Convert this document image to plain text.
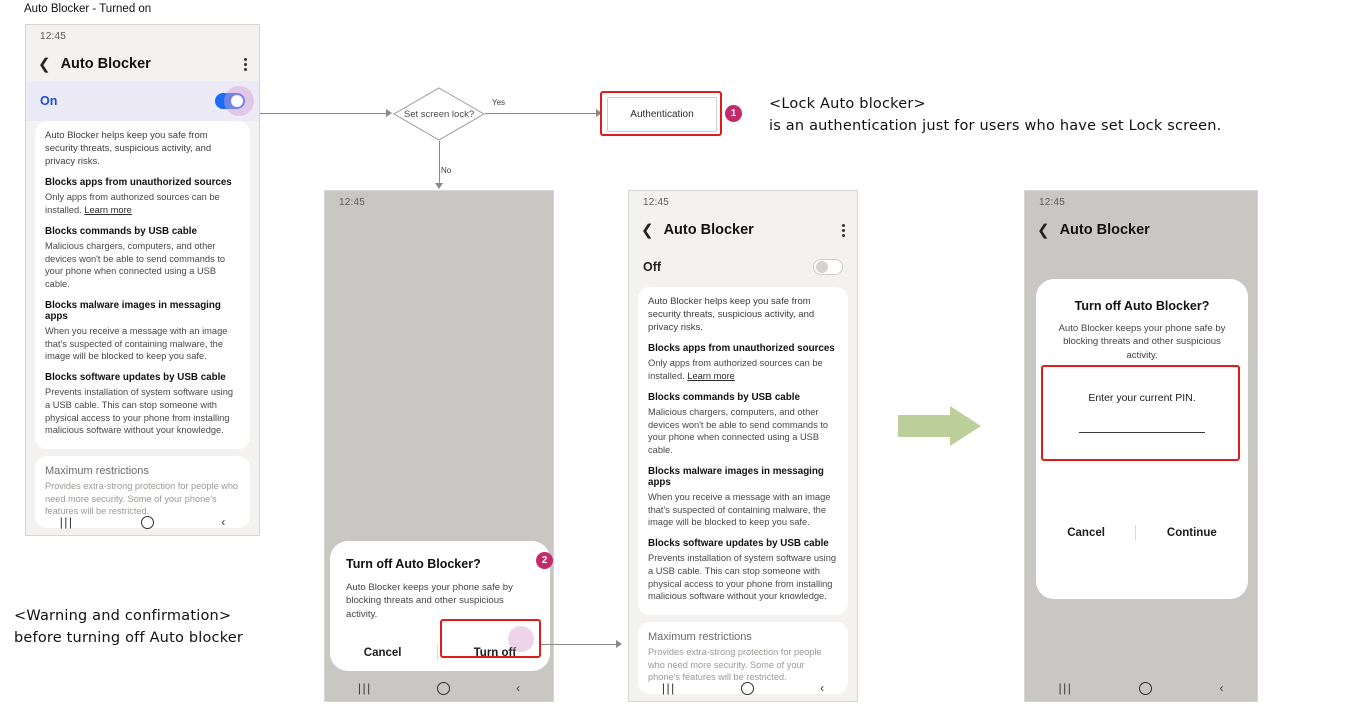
Auto Blocker - Turned on
12:45
❮ Auto Blocker
On
Auto Blocker helps keep you safe from security threats, suspicious activity, and privacy risks.
Blocks apps from unauthorized sources
Only apps from authorized sources can be installed. Learn more
Blocks commands by USB cable
Malicious chargers, computers, and other devices won't be able to send commands to your phone when connected using a USB cable.
Blocks malware images in messaging apps
When you receive a message with an image that's suspected of containing malware, the image will be blocked to keep you safe.
Blocks software updates by USB cable
Prevents installation of system software using a USB cable. This can stop someone with physical access to your phone from installing malicious software without your knowledge.
Maximum restrictions
Provides extra-strong protection for people who need more security. Some of your phone's features will be restricted.
|||	‹
Set screen lock?
Yes
No
Authentication	1
<Lock Auto blocker>
is an authentication just for users who have set Lock screen.
12:45
Turn off Auto Blocker?
Auto Blocker keeps your phone safe by blocking threats and other suspicious activity.
Cancel	Turn off
|||	‹
2
12:45
❮ Auto Blocker
Off
Auto Blocker helps keep you safe from security threats, suspicious activity, and privacy risks.
Blocks apps from unauthorized sources
Only apps from authorized sources can be installed. Learn more
Blocks commands by USB cable
Malicious chargers, computers, and other devices won't be able to send commands to your phone when connected using a USB cable.
Blocks malware images in messaging apps
When you receive a message with an image that's suspected of containing malware, the image will be blocked to keep you safe.
Blocks software updates by USB cable
Prevents installation of system software using a USB cable. This can stop someone with physical access to your phone from installing malicious software without your knowledge.
Maximum restrictions
Provides extra-strong protection for people who need more security. Some of your phone's features will be restricted.
|||	‹
12:45
❮ Auto Blocker
Turn off Auto Blocker?
Auto Blocker keeps your phone safe by blocking threats and other suspicious activity.
Enter your current PIN.
Cancel	Continue
|||	‹
<Warning and confirmation>
before turning off Auto blocker
